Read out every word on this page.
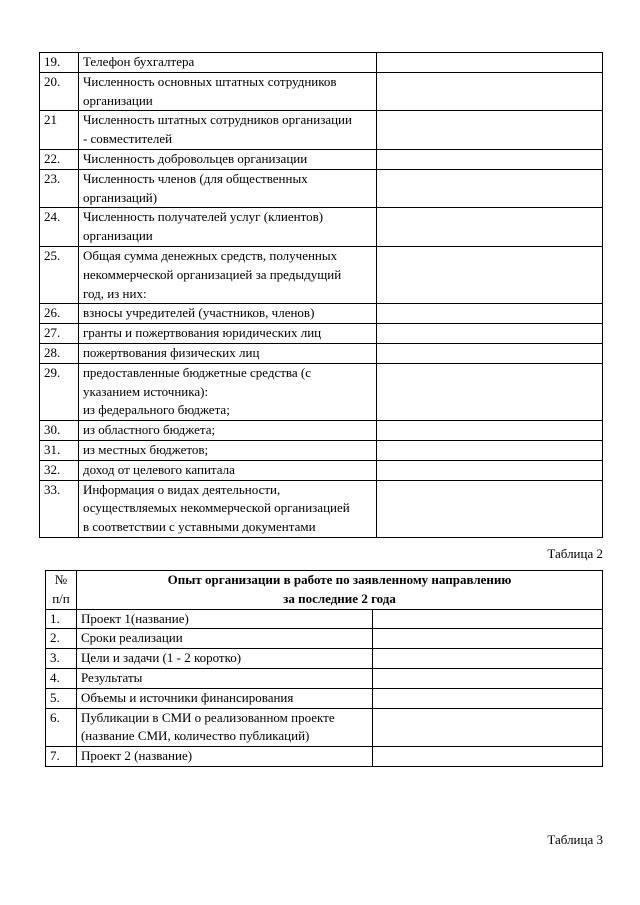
19.	Телефон бухгалтера	
20.	Численность основных штатных сотрудников
организации	
21	Численность штатных сотрудников организации
- совместителей	
22.	Численность добровольцев организации	
23.	Численность членов (для общественных
организаций)	
24.	Численность получателей услуг (клиентов)
организации	
25.	Общая сумма денежных средств, полученных
некоммерческой организацией за предыдущий
год, из них:	
26.	взносы учредителей (участников, членов)	
27.	гранты и пожертвования юридических лиц	
28.	пожертвования физических лиц	
29.	предоставленные бюджетные средства (с
указанием источника):
из федерального бюджета;	
30.	из областного бюджета;	
31.	из местных бюджетов;	
32.	доход от целевого капитала	
33.	Информация о видах деятельности,
осуществляемых некоммерческой организацией
в соответствии с уставными документами	
Таблица 2
№
п/п	Опыт организации в работе по заявленному направлению
за последние 2 года	
1.	Проект 1(название)	
2.	Сроки реализации	
3.	Цели и задачи (1 - 2 коротко)	
4.	Результаты	
5.	Объемы и источники финансирования	
6.	Публикации в СМИ о реализованном проекте
(название СМИ, количество публикаций)	
7.	Проект 2 (название)	
Таблица 3
